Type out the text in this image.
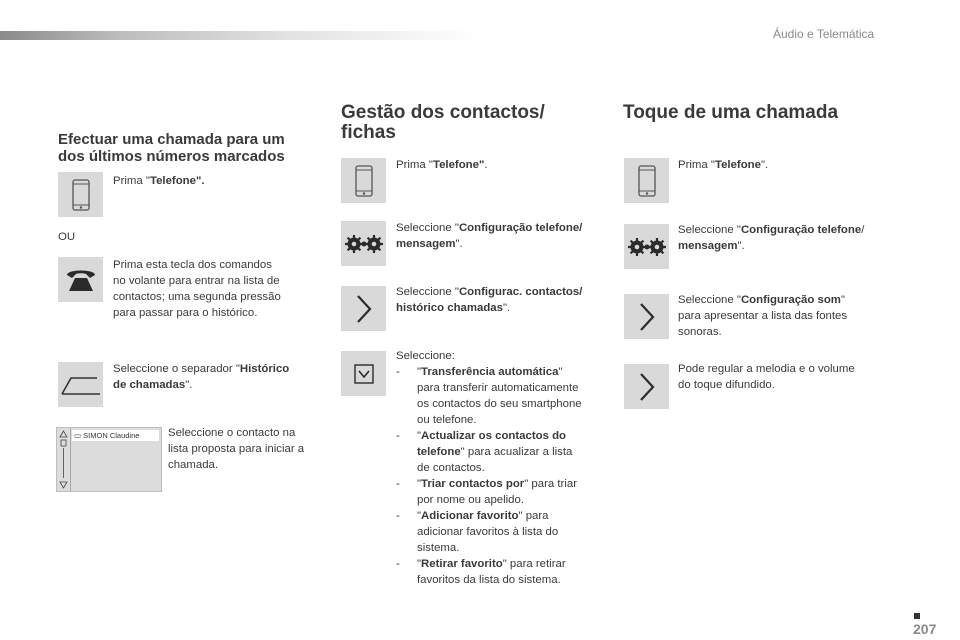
Áudio e Telemática
Efectuar uma chamada para um
dos últimos números marcados
Prima "Telefone".
OU
Prima esta tecla dos comandos
no volante para entrar na lista de
contactos; uma segunda pressão
para passar para o histórico.
Seleccione o separador "Histórico
de chamadas".
▭ SIMON Claudine	Seleccione o contacto na
lista proposta para iniciar a
chamada.
Gestão dos contactos/
fichas
Prima "Telefone".
Seleccione "Configuração telefone/
mensagem".
Seleccione "Configurac. contactos/
histórico chamadas".
Seleccione:
- "Transferência automática"
para transferir automaticamente
os contactos do seu smartphone
ou telefone.
- "Actualizar os contactos do
telefone" para acualizar a lista
de contactos.
- "Triar contactos por" para triar
por nome ou apelido.
- "Adicionar favorito" para
adicionar favoritos à lista do
sistema.
- "Retirar favorito" para retirar
favoritos da lista do sistema.
Toque de uma chamada
Prima "Telefone".
Seleccione "Configuração telefone/
mensagem".
Seleccione "Configuração som"
para apresentar a lista das fontes
sonoras.
Pode regular a melodia e o volume
do toque difundido.
207
